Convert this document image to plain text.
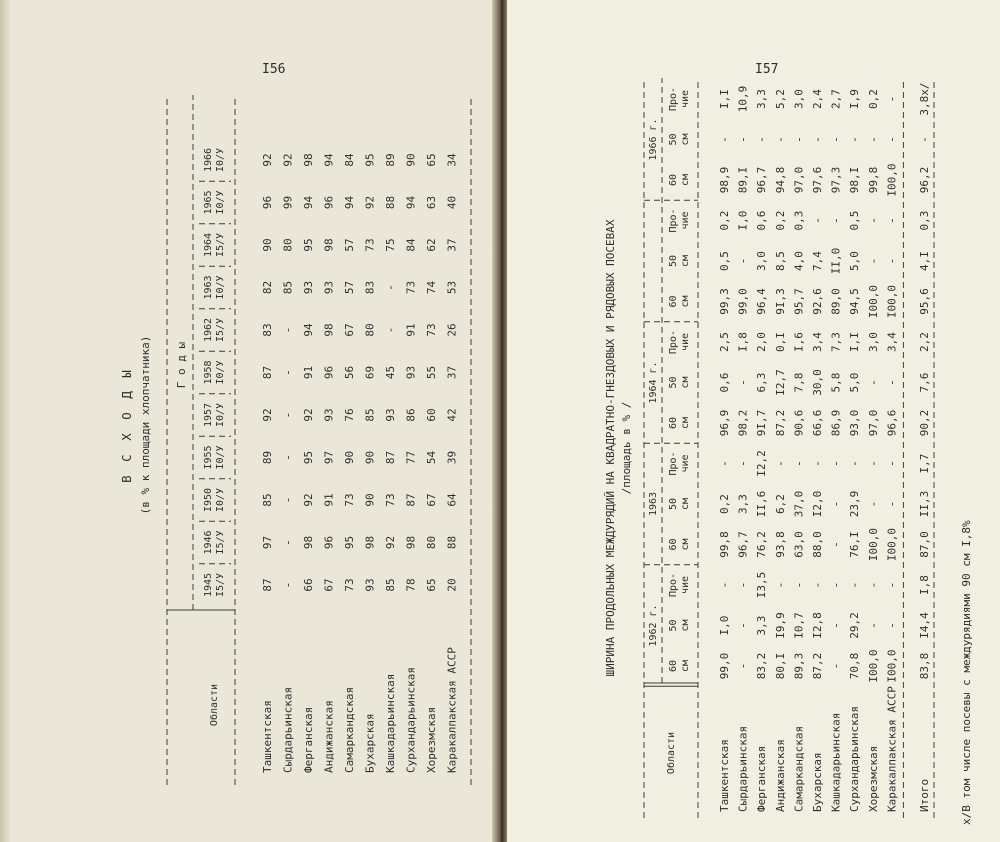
I56
В С Х О Д Ы (в % к площади хлопчатника) Г о д ы
Области
1945 I5/У
1946 I5/У
I950 I0/У
I955 I0/У
1957 I0/У
1958 I0/У
1962 I5/У
1963 I0/У
1964 I5/У
1965 I0/У
1966 I0/У
Ташкентская
87
97
85
89
92
87
83
82
90
96
92
Сырдарьинская
-
-
-
-
-
-
-
85
80
99
92
Ферганская
66
98
92
95
92
91
94
93
95
94
98
Андижанская
67
96
91
97
93
96
98
93
98
96
94
Самаркандская
73
95
73
90
76
56
67
57
57
94
84
Бухарская
93
98
90
90
85
69
80
83
73
92
95
Кашкадарьинская
85
92
73
87
93
45
-
-
75
88
89
Сурхандарьинская
78
98
87
77
86
93
91
73
84
94
90
Хорезмская
65
80
67
54
60
55
73
74
62
63
65
Каракалпакская АССР
20
88
64
39
42
37
26
53
37
40
34
I57
ШИРИНА ПРОДОЛЬНЫХ МЕЖДУРЯДИЙ НА КВАДРАТНО-ГНЕЗДОВЫХ И РЯДОВЫХ ПОСЕВАХ /площадь в % /
Области
1962 г.
60 см
50 см
Про- чие
1963
60 см
50 см
Про- чие
1964 г.
60 см
50 см
Про- чие
60 см
50 см
Про- чие
1966 г.
60 см
50 см
Про- чие
Ташкентская
99,0
I,0
-
99,8
0,2
-
96,9
0,6
2,5
99,3
0,5
0,2
98,9
-
I,I
Сырдарьинская
-
-
-
96,7
3,3
-
98,2
-
I,8
99,0
-
I,0
89,I
-
10,9
Ферганская
83,2
3,3
I3,5
76,2
II,6
I2,2
9I,7
6,3
2,0
96,4
3,0
0,6
96,7
-
3,3
Андижанская
80,I
I9,9
-
93,8
6,2
-
87,2
I2,7
0,I
9I,3
8,5
0,2
94,8
-
5,2
Самаркандская
89,3
I0,7
-
63,0
37,0
-
90,6
7,8
I,6
95,7
4,0
0,3
97,0
-
3,0
Бухарская
87,2
I2,8
-
88,0
I2,0
-
66,6
30,0
3,4
92,6
7,4
-
97,6
-
2,4
Кашкадарьинская
-
-
-
-
-
-
86,9
5,8
7,3
89,0
II,0
-
97,3
-
2,7
Сурхандарьинская
70,8
29,2
-
76,I
23,9
-
93,0
5,0
I,I
94,5
5,0
0,5
98,I
-
I,9
Хорезмская
I00,0
-
-
I00,0
-
-
97,0
-
3,0
I00,0
-
-
99,8
-
0,2
Каракалпакская АССР
I00,0
-
-
I00,0
-
-
96,6
-
3,4
I00,0
-
-
I00,0
-
-
Итого
83,8
I4,4
I,8
87,0
II,3
I,7
90,2
7,6
2,2
95,6
4,I
0,3
96,2
-
3,8х/
х/В том числе посевы с междурядиями 90 см I,8%
